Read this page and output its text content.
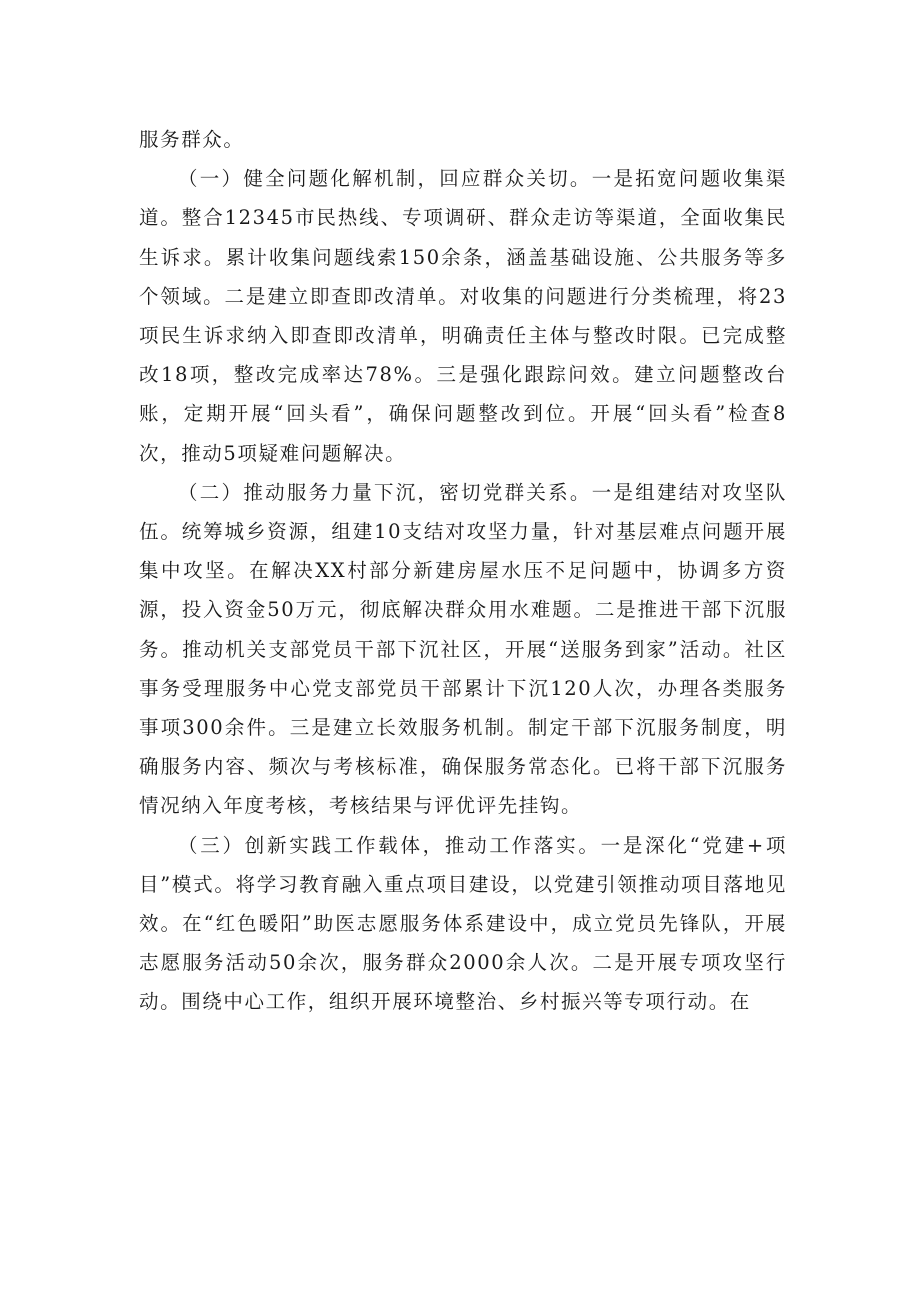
服务群众。

（一）健全问题化解机制，回应群众关切。一是拓宽问题收集渠道。整合12345市民热线、专项调研、群众走访等渠道，全面收集民生诉求。累计收集问题线索150余条，涵盖基础设施、公共服务等多个领域。二是建立即查即改清单。对收集的问题进行分类梳理，将23项民生诉求纳入即查即改清单，明确责任主体与整改时限。已完成整改18项，整改完成率达78%。三是强化跟踪问效。建立问题整改台账，定期开展“回头看”，确保问题整改到位。开展“回头看”检查8次，推动5项疑难问题解决。

（二）推动服务力量下沉，密切党群关系。一是组建结对攻坚队伍。统筹城乡资源，组建10支结对攻坚力量，针对基层难点问题开展集中攻坚。在解决XX村部分新建房屋水压不足问题中，协调多方资源，投入资金50万元，彻底解决群众用水难题。二是推进干部下沉服务。推动机关支部党员干部下沉社区，开展“送服务到家”活动。社区事务受理服务中心党支部党员干部累计下沉120人次，办理各类服务事项300余件。三是建立长效服务机制。制定干部下沉服务制度，明确服务内容、频次与考核标准，确保服务常态化。已将干部下沉服务情况纳入年度考核，考核结果与评优评先挂钩。

（三）创新实践工作载体，推动工作落实。一是深化“党建+项目”模式。将学习教育融入重点项目建设，以党建引领推动项目落地见效。在“红色暖阳”助医志愿服务体系建设中，成立党员先锋队，开展志愿服务活动50余次，服务群众2000余人次。二是开展专项攻坚行动。围绕中心工作，组织开展环境整治、乡村振兴等专项行动。在
